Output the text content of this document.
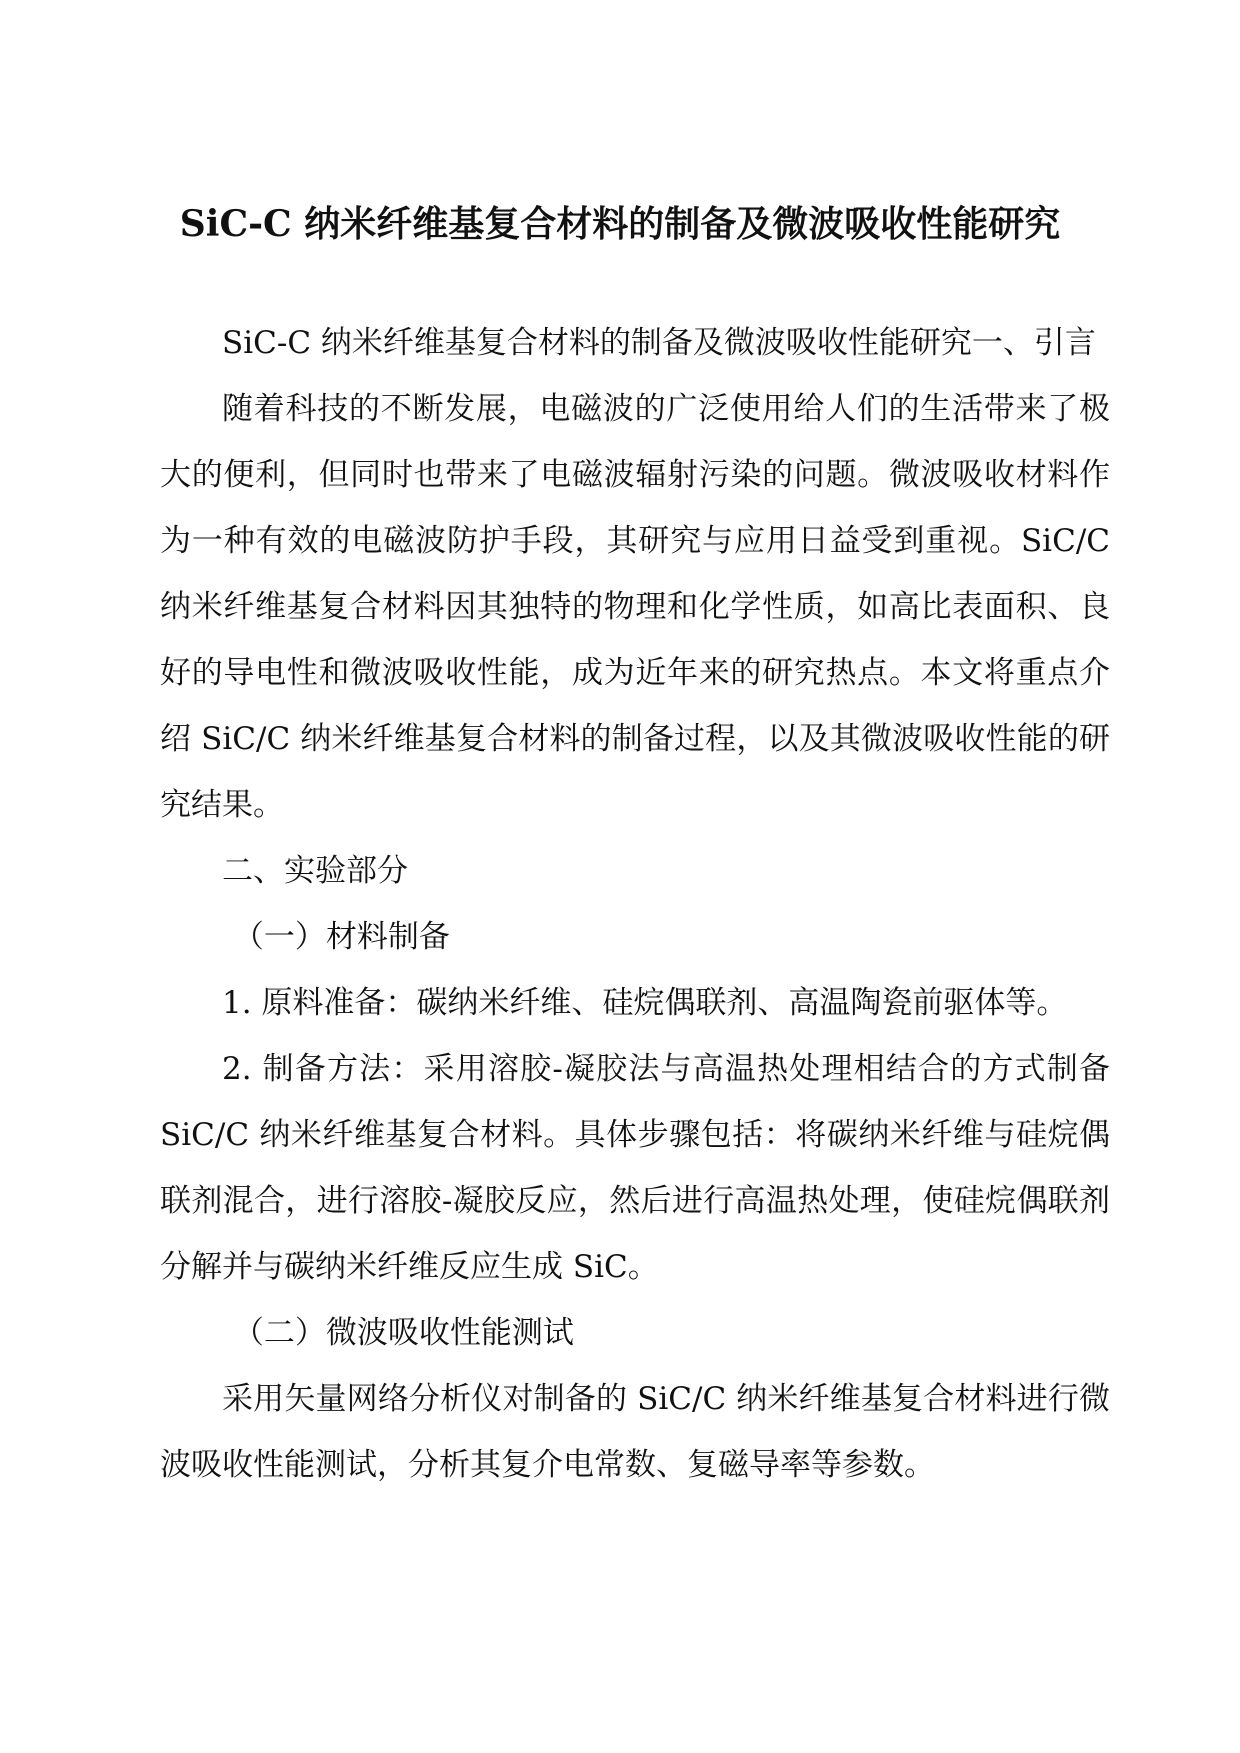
SiC-C 纳米纤维基复合材料的制备及微波吸收性能研究

SiC-C 纳米纤维基复合材料的制备及微波吸收性能研究一、引言

随着科技的不断发展，电磁波的广泛使用给人们的生活带来了极大的便利，但同时也带来了电磁波辐射污染的问题。微波吸收材料作为一种有效的电磁波防护手段，其研究与应用日益受到重视。SiC/C 纳米纤维基复合材料因其独特的物理和化学性质，如高比表面积、良好的导电性和微波吸收性能，成为近年来的研究热点。本文将重点介绍 SiC/C 纳米纤维基复合材料的制备过程，以及其微波吸收性能的研究结果。

二、实验部分

（一）材料制备

1. 原料准备：碳纳米纤维、硅烷偶联剂、高温陶瓷前驱体等。

2. 制备方法：采用溶胶-凝胶法与高温热处理相结合的方式制备 SiC/C 纳米纤维基复合材料。具体步骤包括：将碳纳米纤维与硅烷偶联剂混合，进行溶胶-凝胶反应，然后进行高温热处理，使硅烷偶联剂分解并与碳纳米纤维反应生成 SiC。

（二）微波吸收性能测试

采用矢量网络分析仪对制备的 SiC/C 纳米纤维基复合材料进行微波吸收性能测试，分析其复介电常数、复磁导率等参数。
